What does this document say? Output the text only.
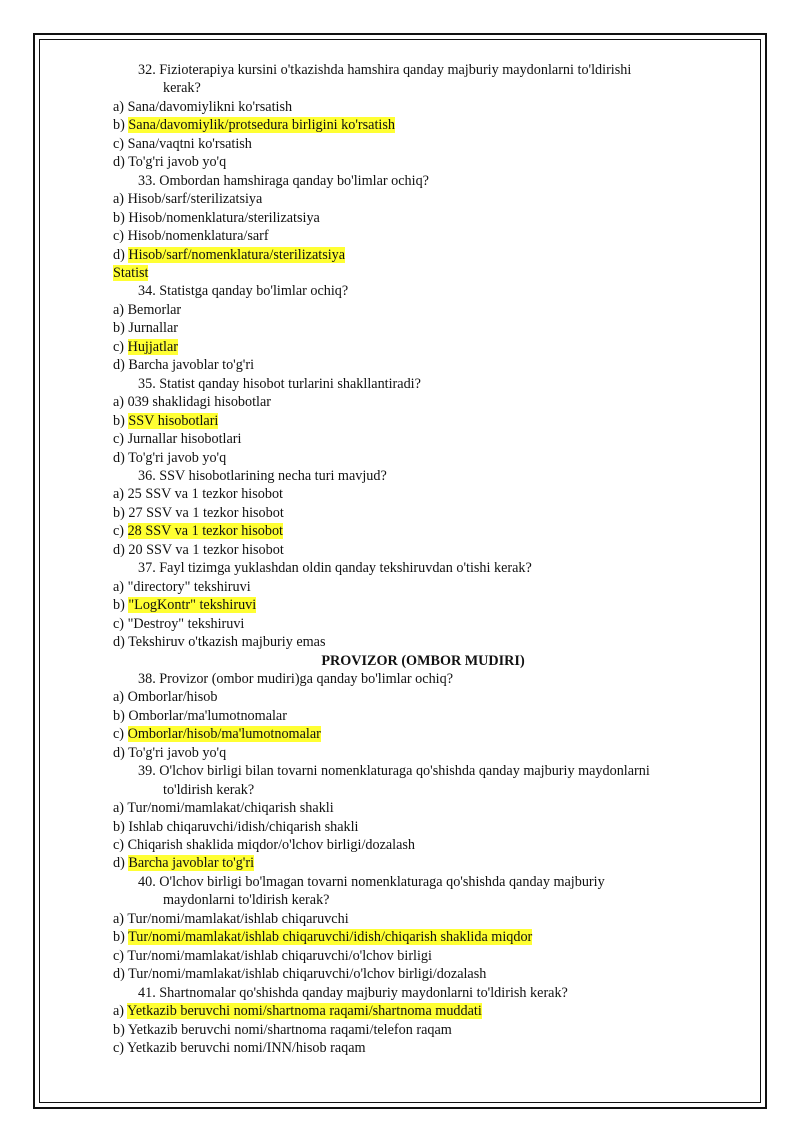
32. Fizioterapiya kursini o'tkazishda hamshira qanday majburiy maydonlarni to'ldirishi
kerak?
a) Sana/davomiylikni ko'rsatish
b) Sana/davomiylik/protsedura birligini ko'rsatish
c) Sana/vaqtni ko'rsatish
d) To'g'ri javob yo'q
33. Ombordan hamshiraga qanday bo'limlar ochiq?
a) Hisob/sarf/sterilizatsiya
b) Hisob/nomenklatura/sterilizatsiya
c) Hisob/nomenklatura/sarf
d) Hisob/sarf/nomenklatura/sterilizatsiya
Statist
34. Statistga qanday bo'limlar ochiq?
a) Bemorlar
b) Jurnallar
c) Hujjatlar
d) Barcha javoblar to'g'ri
35. Statist qanday hisobot turlarini shakllantiradi?
a) 039 shaklidagi hisobotlar
b) SSV hisobotlari
c) Jurnallar hisobotlari
d) To'g'ri javob yo'q
36. SSV hisobotlarining necha turi mavjud?
a) 25 SSV va 1 tezkor hisobot
b) 27 SSV va 1 tezkor hisobot
c) 28 SSV va 1 tezkor hisobot
d) 20 SSV va 1 tezkor hisobot
37. Fayl tizimga yuklashdan oldin qanday tekshiruvdan o'tishi kerak?
a) "directory" tekshiruvi
b) "LogKontr" tekshiruvi
c) "Destroy" tekshiruvi
d) Tekshiruv o'tkazish majburiy emas
PROVIZOR (OMBOR MUDIRI)
38. Provizor (ombor mudiri)ga qanday bo'limlar ochiq?
a) Omborlar/hisob
b) Omborlar/ma'lumotnomalar
c) Omborlar/hisob/ma'lumotnomalar
d) To'g'ri javob yo'q
39. O'lchov birligi bilan tovarni nomenklaturaga qo'shishda qanday majburiy maydonlarni
to'ldirish kerak?
a) Tur/nomi/mamlakat/chiqarish shakli
b) Ishlab chiqaruvchi/idish/chiqarish shakli
c) Chiqarish shaklida miqdor/o'lchov birligi/dozalash
d) Barcha javoblar to'g'ri
40. O'lchov birligi bo'lmagan tovarni nomenklaturaga qo'shishda qanday majburiy
maydonlarni to'ldirish kerak?
a) Tur/nomi/mamlakat/ishlab chiqaruvchi
b) Tur/nomi/mamlakat/ishlab chiqaruvchi/idish/chiqarish shaklida miqdor
c) Tur/nomi/mamlakat/ishlab chiqaruvchi/o'lchov birligi
d) Tur/nomi/mamlakat/ishlab chiqaruvchi/o'lchov birligi/dozalash
41. Shartnomalar qo'shishda qanday majburiy maydonlarni to'ldirish kerak?
a) Yetkazib beruvchi nomi/shartnoma raqami/shartnoma muddati
b) Yetkazib beruvchi nomi/shartnoma raqami/telefon raqam
c) Yetkazib beruvchi nomi/INN/hisob raqam
